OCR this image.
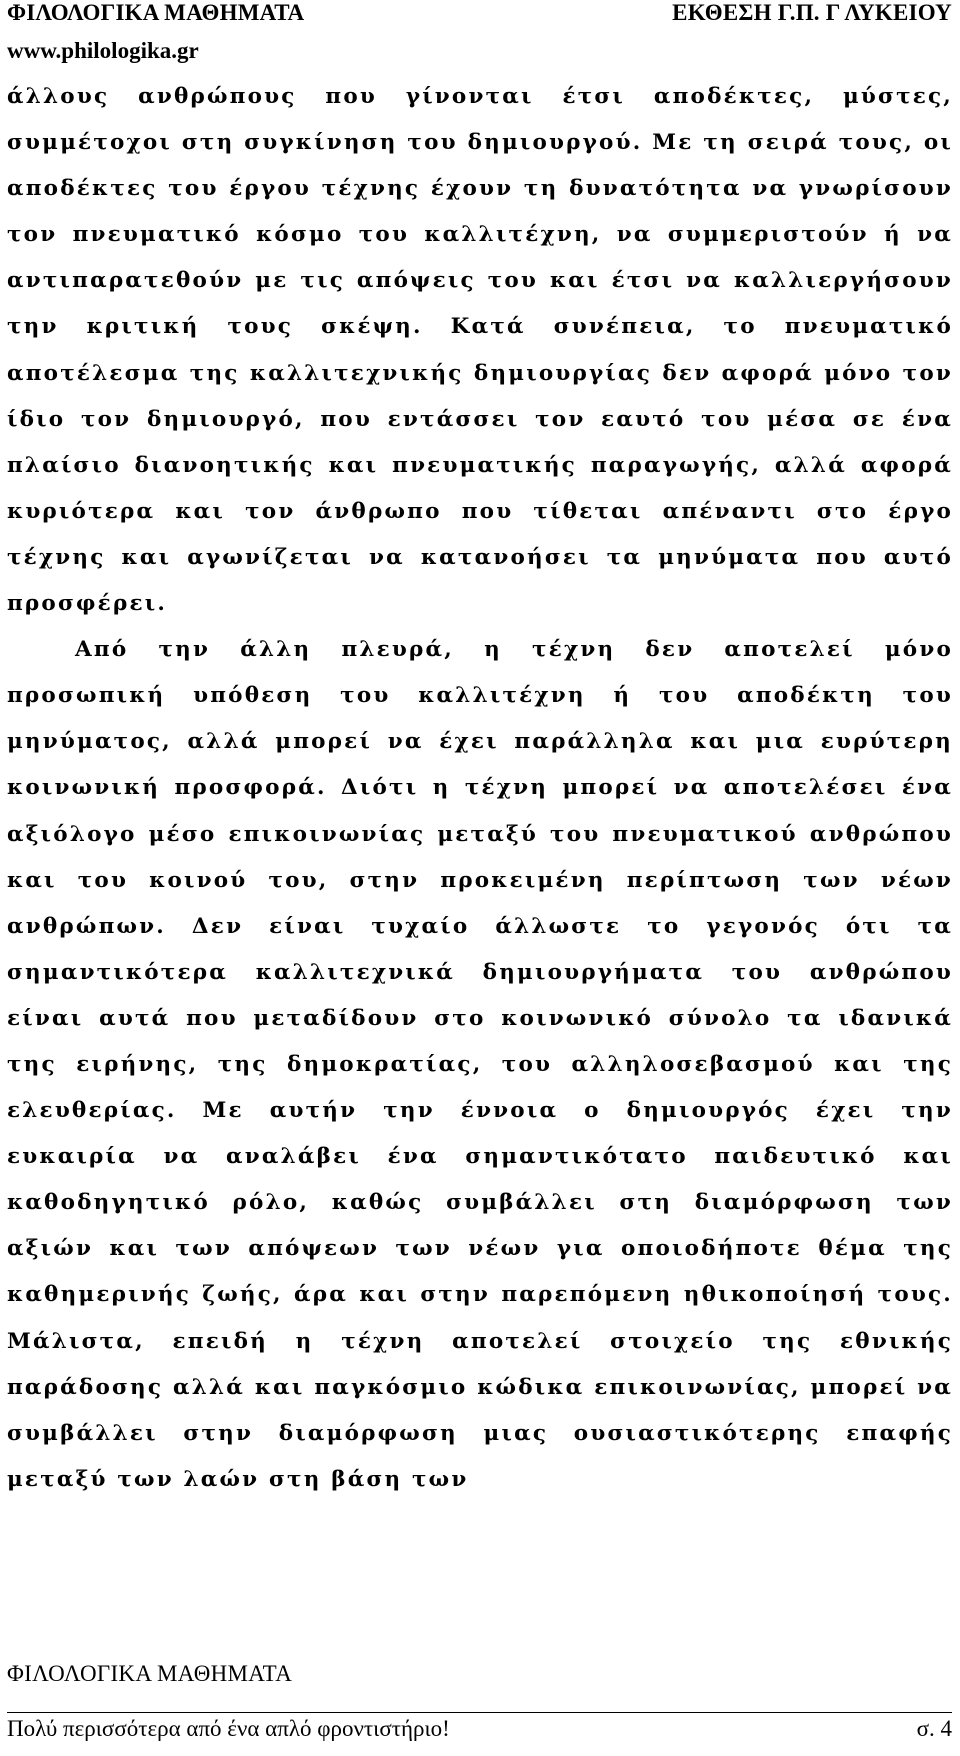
ΦΙΛΟΛΟΓΙΚΑ ΜΑΘΗΜΑΤΑ	ΕΚΘΕΣΗ Γ.Π. Γ ΛΥΚΕΙΟΥ
www.philologika.gr

άλλους ανθρώπους που γίνονται έτσι αποδέκτες, μύστες, συμμέτοχοι στη συγκίνηση του δημιουργού. Με τη σειρά τους, οι αποδέκτες του έργου τέχνης έχουν τη δυνατότητα να γνωρίσουν τον πνευματικό κόσμο του καλλιτέχνη, να συμμεριστούν ή να αντιπαρατεθούν με τις απόψεις του και έτσι να καλλιεργήσουν την κριτική τους σκέψη. Κατά συνέπεια, το πνευματικό αποτέλεσμα της καλλιτεχνικής δημιουργίας δεν αφορά μόνο τον ίδιο τον δημιουργό, που εντάσσει τον εαυτό του μέσα σε ένα πλαίσιο διανοητικής και πνευματικής παραγωγής, αλλά αφορά κυριότερα και τον άνθρωπο που τίθεται απέναντι στο έργο τέχνης και αγωνίζεται να κατανοήσει τα μηνύματα που αυτό προσφέρει.

Από την άλλη πλευρά, η τέχνη δεν αποτελεί μόνο προσωπική υπόθεση του καλλιτέχνη ή του αποδέκτη του μηνύματος, αλλά μπορεί να έχει παράλληλα και μια ευρύτερη κοινωνική προσφορά. Διότι η τέχνη μπορεί να αποτελέσει ένα αξιόλογο μέσο επικοινωνίας μεταξύ του πνευματικού ανθρώπου και του κοινού του, στην προκειμένη περίπτωση των νέων ανθρώπων. Δεν είναι τυχαίο άλλωστε το γεγονός ότι τα σημαντικότερα καλλιτεχνικά δημιουργήματα του ανθρώπου είναι αυτά που μεταδίδουν στο κοινωνικό σύνολο τα ιδανικά της ειρήνης, της δημοκρατίας, του αλληλοσεβασμού και της ελευθερίας. Με αυτήν την έννοια ο δημιουργός έχει την ευκαιρία να αναλάβει ένα σημαντικότατο παιδευτικό και καθοδηγητικό ρόλο, καθώς συμβάλλει στη διαμόρφωση των αξιών και των απόψεων των νέων για οποιοδήποτε θέμα της καθημερινής ζωής, άρα και στην παρεπόμενη ηθικοποίησή τους. Μάλιστα, επειδή η τέχνη αποτελεί στοιχείο της εθνικής παράδοσης αλλά και παγκόσμιο κώδικα επικοινωνίας, μπορεί να συμβάλλει στην διαμόρφωση μιας ουσιαστικότερης επαφής μεταξύ των λαών στη βάση των

ΦΙΛΟΛΟΓΙΚΑ ΜΑΘΗΜΑΤΑ
Πολύ περισσότερα από ένα απλό φροντιστήριο!	σ. 4
